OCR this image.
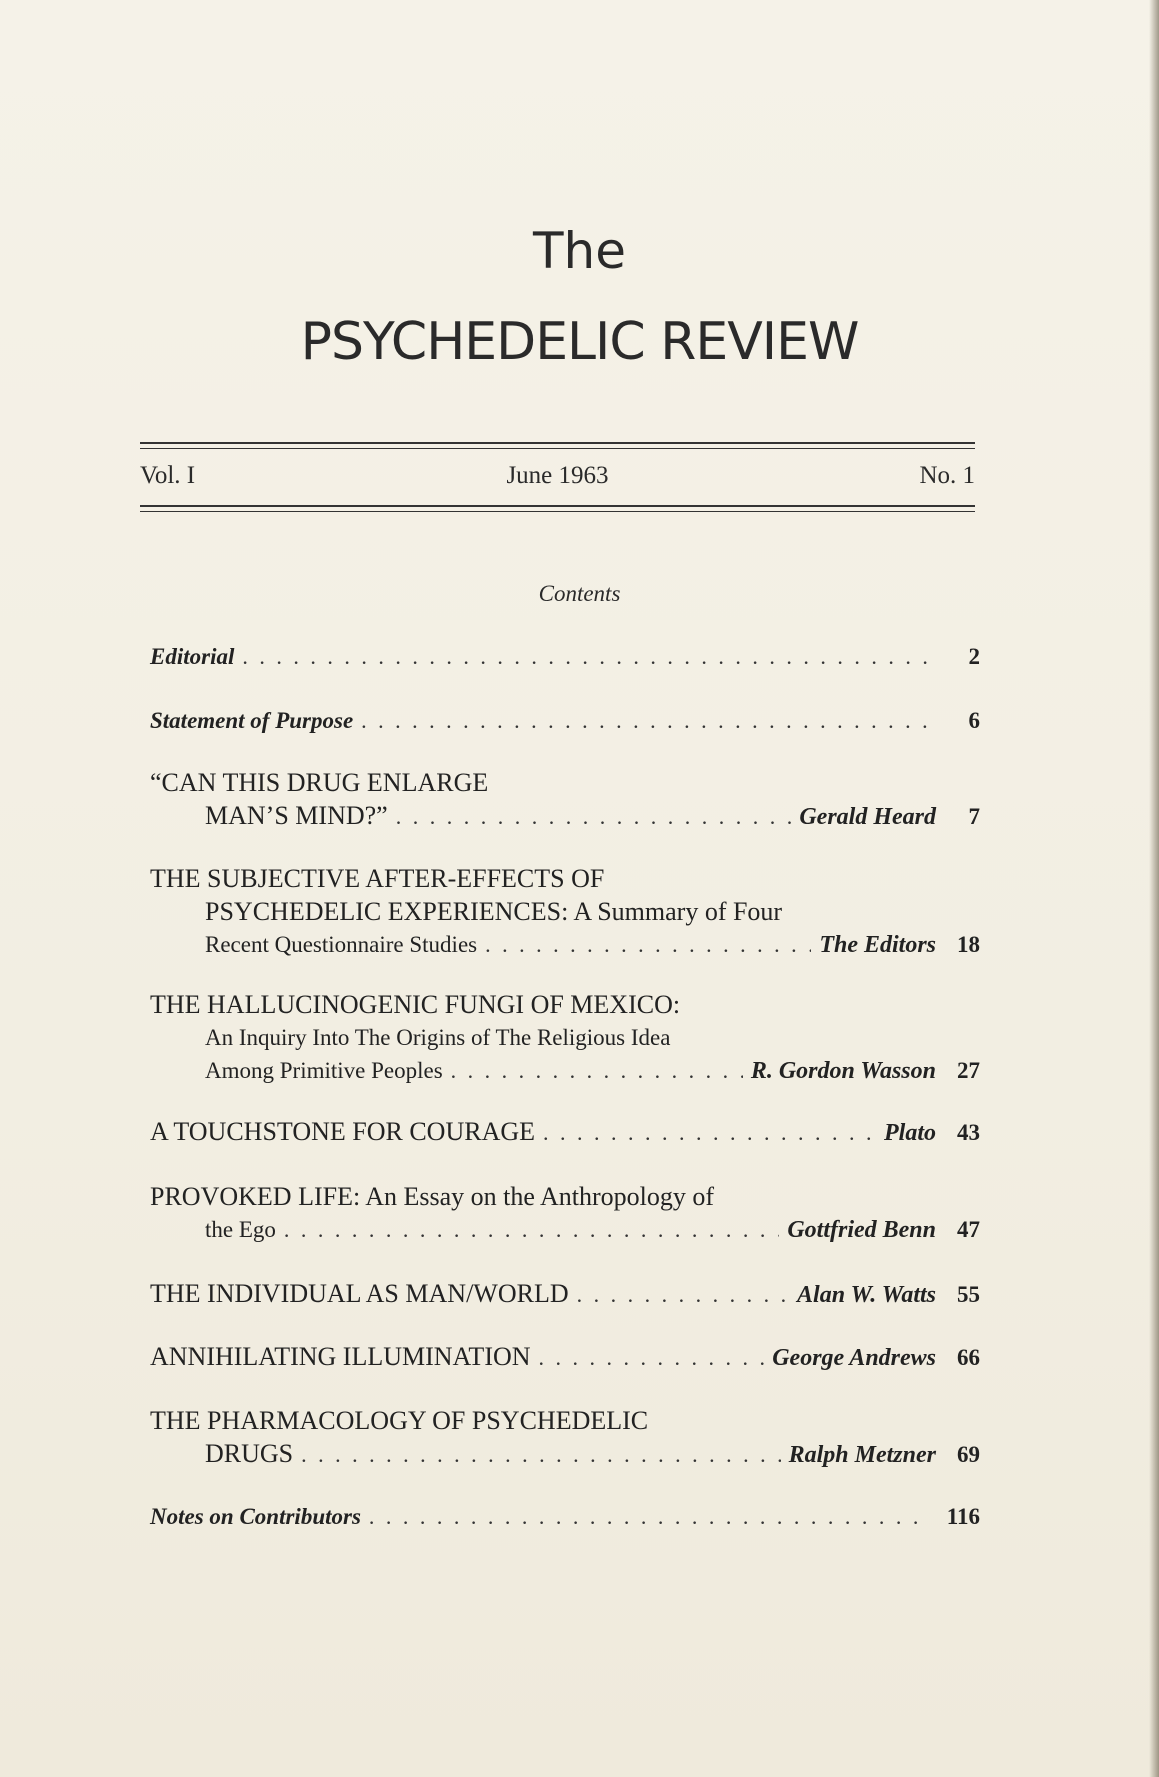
The
PSYCHEDELIC REVIEW
Vol. I	June 1963	No. 1
Contents
Editorial . . .	2
Statement of Purpose . . .	6
“CAN THIS DRUG ENLARGE
MAN’S MIND?” . . .	Gerald Heard	7
THE SUBJECTIVE AFTER-EFFECTS OF
PSYCHEDELIC EXPERIENCES: A Summary of Four
Recent Questionnaire Studies . . .	The Editors 18
THE HALLUCINOGENIC FUNGI OF MEXICO:
An Inquiry Into The Origins of The Religious Idea
Among Primitive Peoples . . .	R. Gordon Wasson 27
A TOUCHSTONE FOR COURAGE . . .	Plato 43
PROVOKED LIFE: An Essay on the Anthropology of
the Ego . . .	Gottfried Benn 47
THE INDIVIDUAL AS MAN/WORLD . . .	Alan W. Watts 55
ANNIHILATING ILLUMINATION . . .	George Andrews 66
THE PHARMACOLOGY OF PSYCHEDELIC
DRUGS . . .	Ralph Metzner 69
Notes on Contributors . . .	116
